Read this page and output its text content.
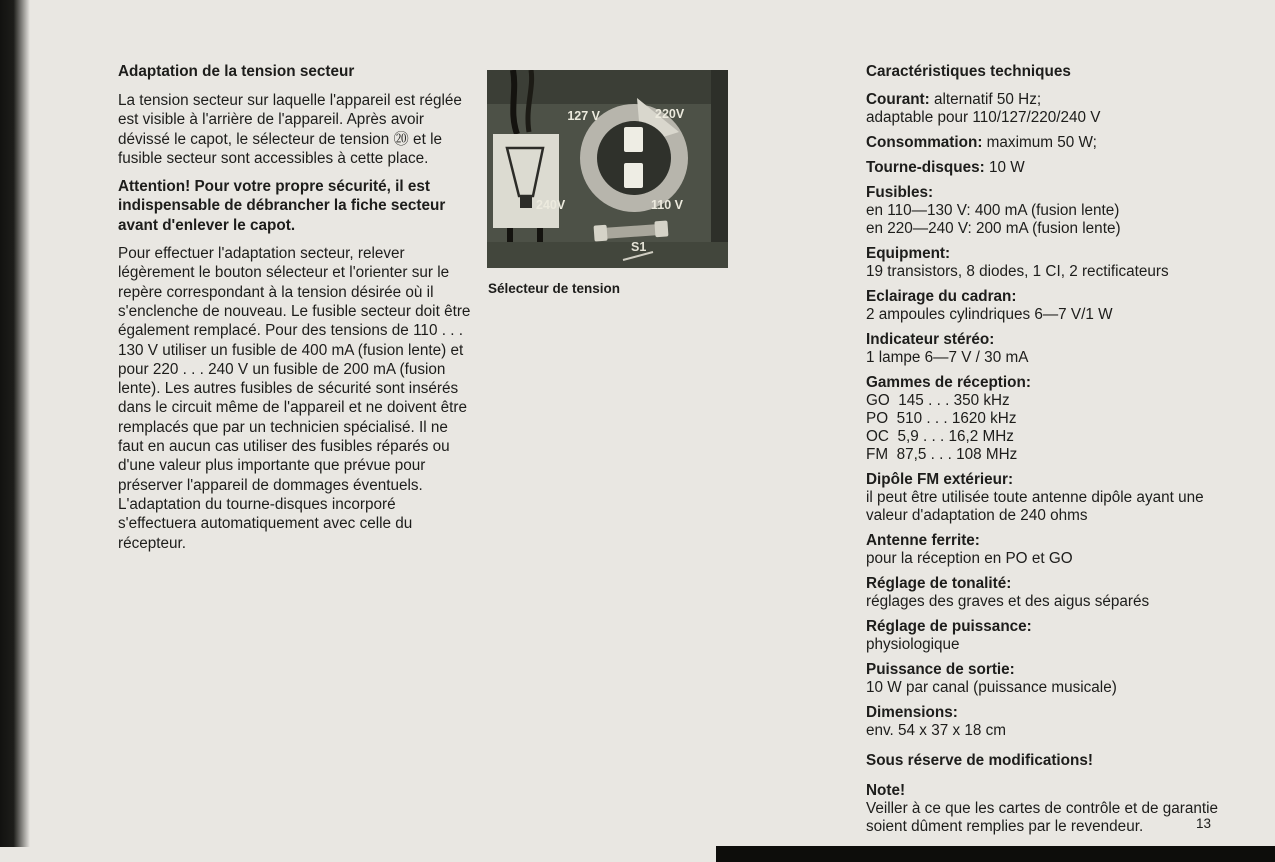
Adaptation de la tension secteur

La tension secteur sur laquelle l'appareil est réglée est visible à l'arrière de l'appareil. Après avoir dévissé le capot, le sélecteur de tension ⑳ et le fusible secteur sont accessibles à cette place.

Attention! Pour votre propre sécurité, il est indispensable de débrancher la fiche secteur avant d'enlever le capot.

Pour effectuer l'adaptation secteur, relever légèrement le bouton sélecteur et l'orienter sur le repère correspondant à la tension désirée où il s'enclenche de nouveau. Le fusible secteur doit être également remplacé. Pour des tensions de 110 . . . 130 V utiliser un fusible de 400 mA (fusion lente) et pour 220 . . . 240 V un fusible de 200 mA (fusion lente). Les autres fusibles de sécurité sont insérés dans le circuit même de l'appareil et ne doivent être remplacés que par un technicien spécialisé. Il ne faut en aucun cas utiliser des fusibles réparés ou d'une valeur plus importante que prévue pour préserver l'appareil de dommages éventuels. L'adaptation du tourne-disques incorporé s'effectuera automatiquement avec celle du récepteur.

127 V	220V
240V	110 V
S1
Sélecteur de tension
Caractéristiques techniques
Courant: alternatif 50 Hz;
adaptable pour 110/127/220/240 V
Consommation: maximum 50 W;
Tourne-disques: 10 W
Fusibles:
en 110—130 V: 400 mA (fusion lente)
en 220—240 V: 200 mA (fusion lente)
Equipment:
19 transistors, 8 diodes, 1 CI, 2 rectificateurs
Eclairage du cadran:
2 ampoules cylindriques 6—7 V/1 W
Indicateur stéréo:
1 lampe 6—7 V / 30 mA
Gammes de réception:
GO  145 . . . 350 kHz
PO  510 . . . 1620 kHz
OC  5,9 . . . 16,2 MHz
FM  87,5 . . . 108 MHz
Dipôle FM extérieur:
il peut être utilisée toute antenne dipôle ayant une valeur d'adaptation de 240 ohms
Antenne ferrite:
pour la réception en PO et GO
Réglage de tonalité:
réglages des graves et des aigus séparés
Réglage de puissance:
physiologique
Puissance de sortie:
10 W par canal (puissance musicale)
Dimensions:
env. 54 x 37 x 18 cm
Sous réserve de modifications!
Note!
Veiller à ce que les cartes de contrôle et de garantie soient dûment remplies par le revendeur.	13
